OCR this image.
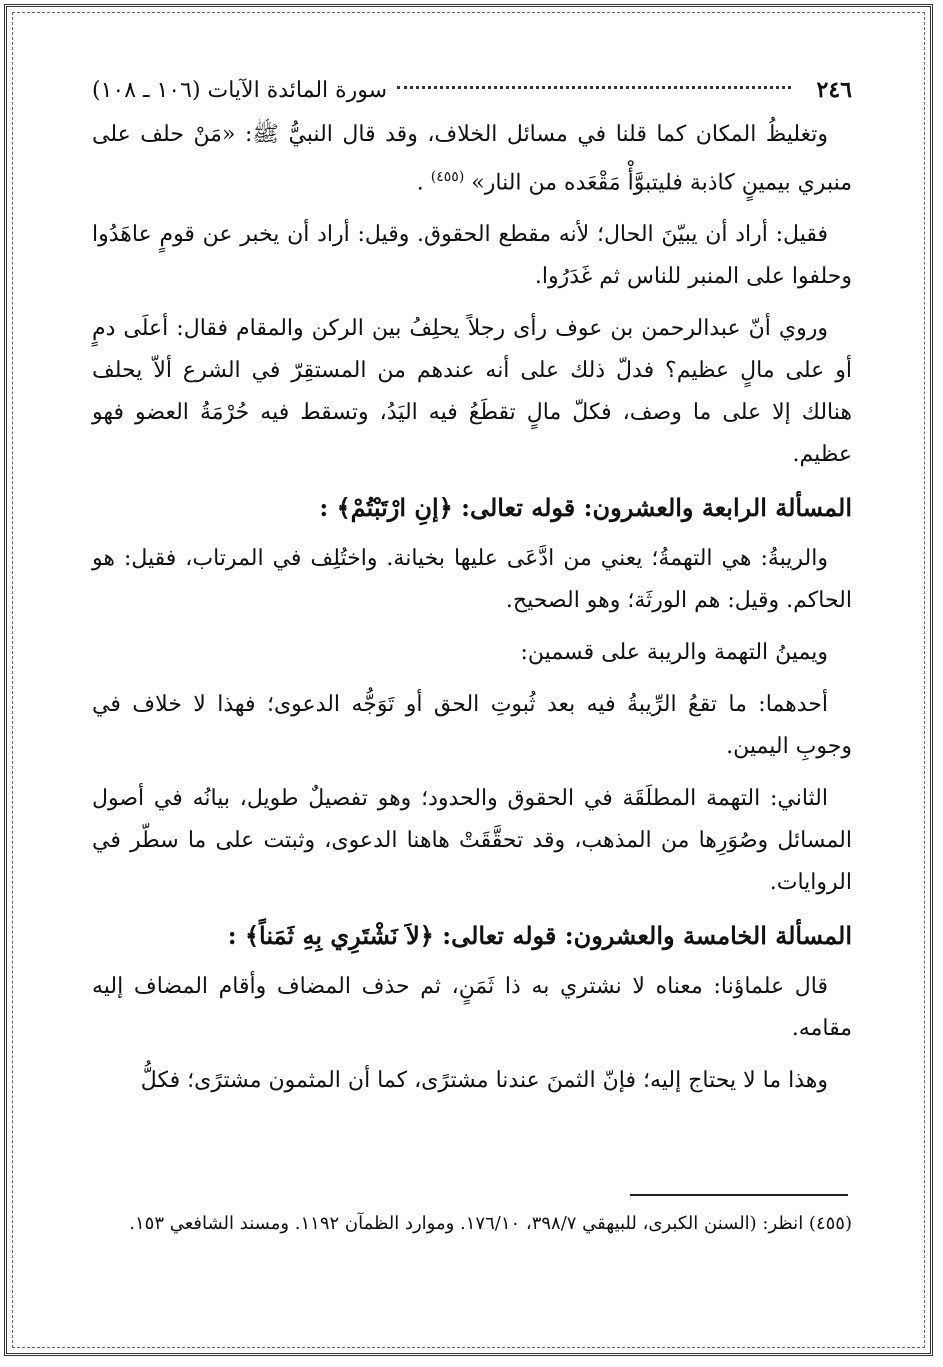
٢٤٦
سورة المائدة الآيات (١٠٦ ـ ١٠٨)

وتغليظُ المكان كما قلنا في مسائل الخلاف، وقد قال النبيُّ ﷺ: «مَنْ حلف على منبري بيمينٍ كاذبة فليتبوَّأْ مَقْعَده من النار» $^{(٤٥٥)}$ .

فقيل: أراد أن يبيّنَ الحال؛ لأنه مقطع الحقوق. وقيل: أراد أن يخبر عن قومٍ عاهَدُوا وحلفوا على المنبر للناس ثم غَدَرُوا.

وروي أنّ عبدالرحمن بن عوف رأى رجلاً يحلِفُ بين الركن والمقام فقال: أعلَى دمٍ أو على مالٍ عظيم؟ فدلّ ذلك على أنه عندهم من المستقِرّ في الشرع ألاّ يحلف هنالك إلا على ما وصف، فكلّ مالٍ تقطَعُ فيه اليَدُ، وتسقط فيه حُرْمَةُ العضو فهو عظيم.

المسألة الرابعة والعشرون: قوله تعالى: ﴿إنِ ارْتَبْتُمْ﴾ :

والريبةُ: هي التهمةُ؛ يعني من ادَّعَى عليها بخيانة. واختُلِف في المرتاب، فقيل: هو الحاكم. وقيل: هم الورثَة؛ وهو الصحيح.

ويمينُ التهمة والريبة على قسمين:

أحدهما: ما تقعُ الرِّيبةُ فيه بعد ثُبوتِ الحق أو تَوَجُّه الدعوى؛ فهذا لا خلاف في وجوبِ اليمين.

الثاني: التهمة المطلَقَة في الحقوق والحدود؛ وهو تفصيلٌ طويل، بيانُه في أصول المسائل وصُوَرِها من المذهب، وقد تحقَّقَتْ هاهنا الدعوى، وثبتت على ما سطّر في الروايات.

المسألة الخامسة والعشرون: قوله تعالى: ﴿لاَ نَشْتَرِي بِهِ ثَمَناً﴾ :

قال علماؤنا: معناه لا نشتري به ذا ثَمَنٍ، ثم حذف المضاف وأقام المضاف إليه مقامه.

وهذا ما لا يحتاج إليه؛ فإنّ الثمنَ عندنا مشترًى، كما أن المثمون مشترًى؛ فكلُّ

(٤٥٥) انظر: (السنن الكبرى، للبيهقي ٣٩٨/٧، ١٧٦/١٠. وموارد الظمآن ١١٩٢. ومسند الشافعي ١٥٣.
